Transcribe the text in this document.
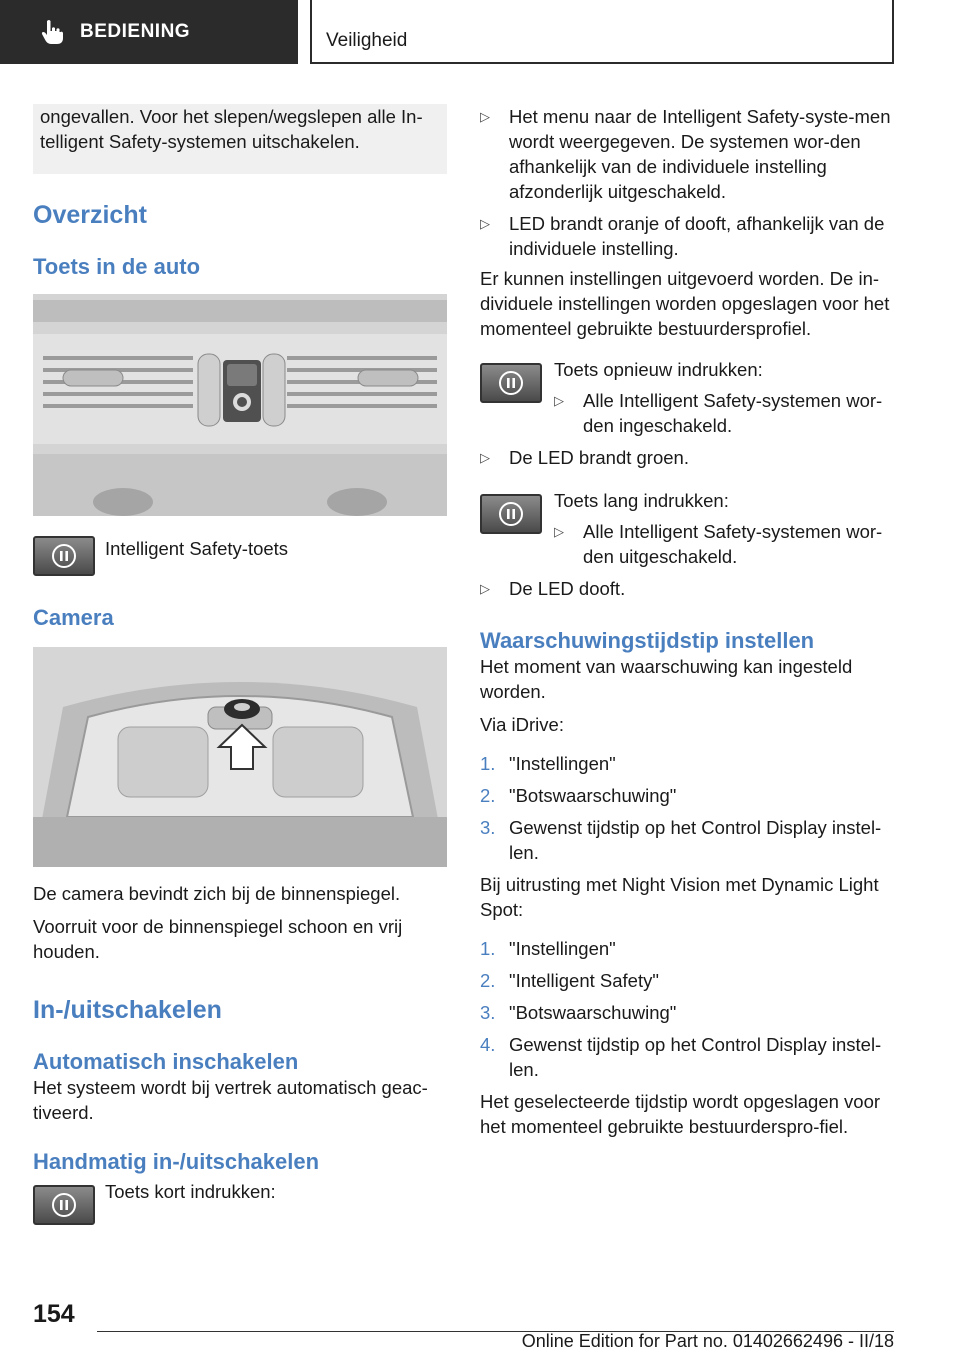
BEDIENING	Veiligheid

ongevallen. Voor het slepen/wegslepen alle In-telligent Safety-systemen uitschakelen.

Overzicht
Toets in de auto

Intelligent Safety-toets

Camera

De camera bevindt zich bij de binnenspiegel.

Voorruit voor de binnenspiegel schoon en vrij houden.

In-/uitschakelen
Automatisch inschakelen

Het systeem wordt bij vertrek automatisch geac-tiveerd.

Handmatig in-/uitschakelen

Toets kort indrukken:

▷	Het menu naar de Intelligent Safety-syste-men wordt weergegeven. De systemen wor-den afhankelijk van de individuele instelling afzonderlijk uitgeschakeld.

▷	LED brandt oranje of dooft, afhankelijk van de individuele instelling.

Er kunnen instellingen uitgevoerd worden. De in-dividuele instellingen worden opgeslagen voor het momenteel gebruikte bestuurdersprofiel.

Toets opnieuw indrukken:

▷	Alle Intelligent Safety-systemen wor-den ingeschakeld.

▷	De LED brandt groen.

Toets lang indrukken:

▷	Alle Intelligent Safety-systemen wor-den uitgeschakeld.

▷	De LED dooft.

Waarschuwingstijdstip instellen

Het moment van waarschuwing kan ingesteld worden.

Via iDrive:

1. "Instellingen"

2. "Botswaarschuwing"

3. Gewenst tijdstip op het Control Display instel-len.

Bij uitrusting met Night Vision met Dynamic Light Spot:

1. "Instellingen"

2. "Intelligent Safety"

3. "Botswaarschuwing"

4. Gewenst tijdstip op het Control Display instel-len.

Het geselecteerde tijdstip wordt opgeslagen voor het momenteel gebruikte bestuurderspro-fiel.

154
Online Edition for Part no. 01402662496 - II/18
